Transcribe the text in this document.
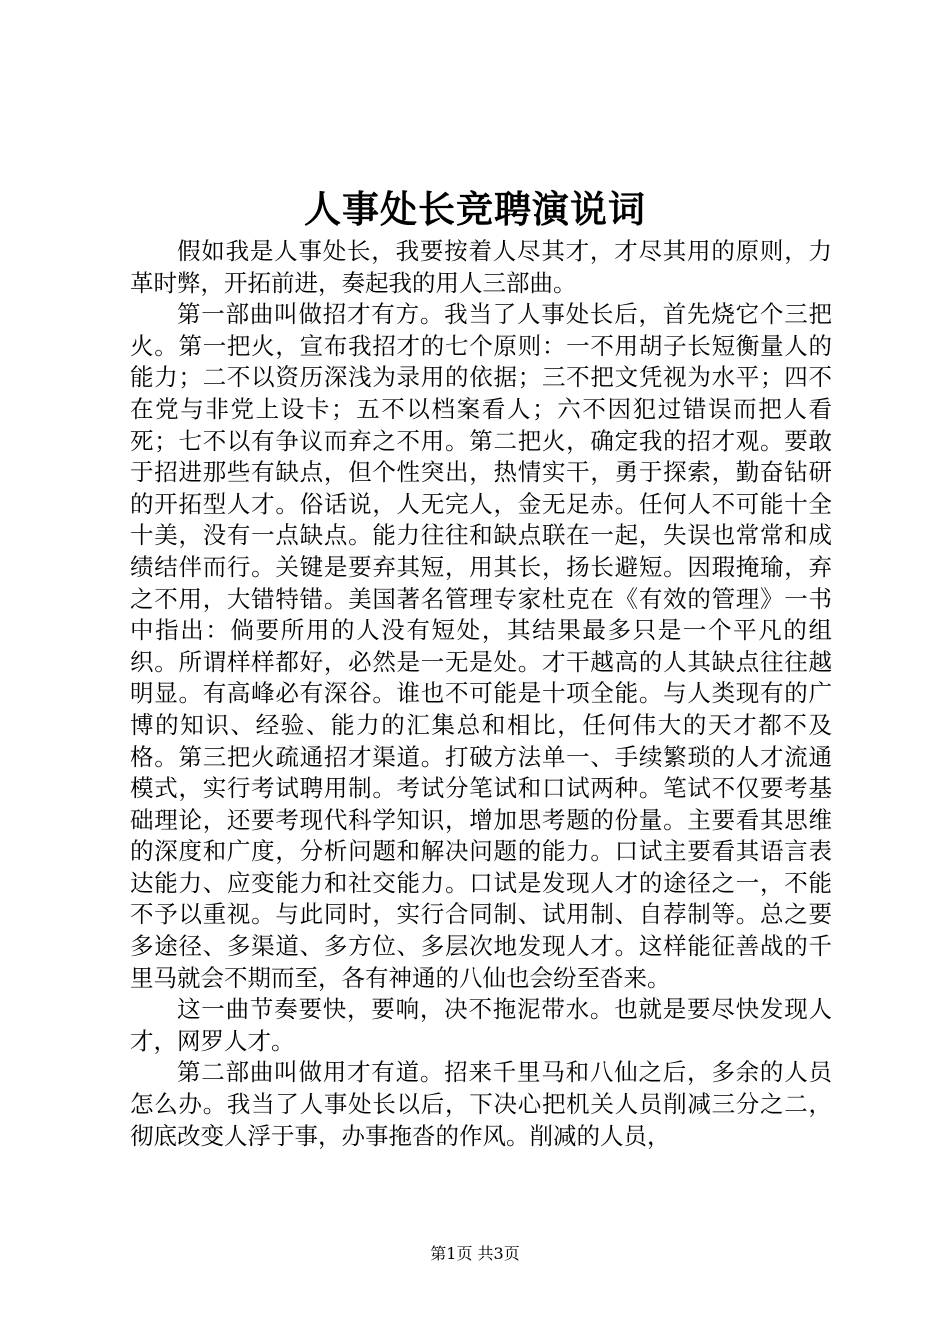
人事处长竞聘演说词

假如我是人事处长，我要按着人尽其才，才尽其用的原则，力革时弊，开拓前进，奏起我的用人三部曲。

第一部曲叫做招才有方。我当了人事处长后，首先烧它个三把火。第一把火，宣布我招才的七个原则：一不用胡子长短衡量人的能力；二不以资历深浅为录用的依据；三不把文凭视为水平；四不在党与非党上设卡；五不以档案看人；六不因犯过错误而把人看死；七不以有争议而弃之不用。第二把火，确定我的招才观。要敢于招进那些有缺点，但个性突出，热情实干，勇于探索，勤奋钻研的开拓型人才。俗话说，人无完人，金无足赤。任何人不可能十全十美，没有一点缺点。能力往往和缺点联在一起，失误也常常和成绩结伴而行。关键是要弃其短，用其长，扬长避短。因瑕掩瑜，弃之不用，大错特错。美国著名管理专家杜克在《有效的管理》一书中指出：倘要所用的人没有短处，其结果最多只是一个平凡的组织。所谓样样都好，必然是一无是处。才干越高的人其缺点往往越明显。有高峰必有深谷。谁也不可能是十项全能。与人类现有的广博的知识、经验、能力的汇集总和相比，任何伟大的天才都不及格。第三把火疏通招才渠道。打破方法单一、手续繁琐的人才流通模式，实行考试聘用制。考试分笔试和口试两种。笔试不仅要考基础理论，还要考现代科学知识，增加思考题的份量。主要看其思维的深度和广度，分析问题和解决问题的能力。口试主要看其语言表达能力、应变能力和社交能力。口试是发现人才的途径之一，不能不予以重视。与此同时，实行合同制、试用制、自荐制等。总之要多途径、多渠道、多方位、多层次地发现人才。这样能征善战的千里马就会不期而至，各有神通的八仙也会纷至沓来。

这一曲节奏要快，要响，决不拖泥带水。也就是要尽快发现人才，网罗人才。

第二部曲叫做用才有道。招来千里马和八仙之后，多余的人员怎么办。我当了人事处长以后，下决心把机关人员削减三分之二，彻底改变人浮于事，办事拖沓的作风。削减的人员，

第1页 共3页
